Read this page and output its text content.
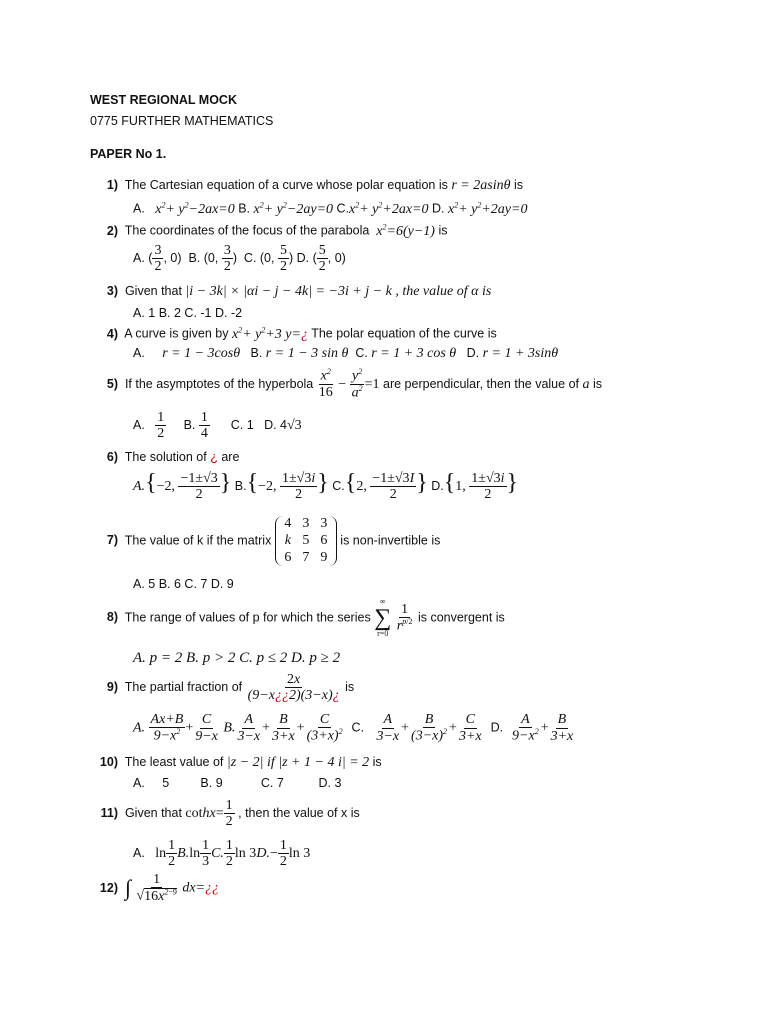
WEST REGIONAL MOCK
0775 FURTHER MATHEMATICS
PAPER No 1.
1) The Cartesian equation of a curve whose polar equation is r = 2asinθ is
A. $x^2+ y^2-2ax=0$ B. $x^2+ y^2-2ay=0$ $C.x^2+ y^2+2ax=0$ D. $x^2+ y^2+2ay=0$
2) The coordinates of the focus of the parabola $x^2=6(y-1)$ is
A. ( $\frac{3}{2}$ , 0)  B. (0, $\frac{3}{2}$ )  C. (0, $\frac{5}{2}$ ) D. ( $\frac{5}{2}$ , 0)
3) Given that |i − 3k| × |αi − j − 4k| = −3i + j − k , the value of α is
A. 1 B. 2 C. -1 D. -2
4) A curve is given by $x^2+ y^2+3$ y=¿ The polar equation of the curve is
A. r = 1 − 3cosθ B. r = 1 − 3 sin θ C. r = 1 + 3 cos θ D. r = 1 + 3sinθ
5) If the asymptotes of the hyperbola $\frac{x^2}{16} - \frac{y^2}{a^2} =1$ are perpendicular, then the value of a is
A. $\frac{1}{2} B$. $\frac{1}{4} C$. 1   D. 4√3
6) The solution of ¿ are
A.{−2, $\frac{-1\pm√3}{2}$ } B.{−2, $\frac{1\pm√3i}{2}$ } C.{2, $\frac{-1\pm√3I}{2}$ } D.{1, $\frac{1\pm√3i}{2}$ }
7) The value of k if the matrix
4 3 3
k 5 6
6 7 9
is non-invertible is
A. 5 B. 6 C. 7 D. 9
8) The range of values of p for which the series
∞
∑
r=0
$\frac{1}{r^{p/2}}$ is convergent is
A. p = 2 B. p > 2 C. p ≤ 2 D. p ≥ 2
9) The partial fraction of $\frac{2x}{(9-x¿¿2)(3-x)¿}$ is
A. $\frac{Ax+B}{9-x^2} + \frac{C}{9-x} B$. $\frac{A}{3-x} + \frac{B}{3+x} + \frac{C}{(3+x)^2} C$. $\frac{A}{3-x} + \frac{B}{(3-x)^2} + \frac{C}{3+x} D$. $\frac{A}{9-x^2} + \frac{B}{3+x}$
10) The least value of |z − 2| if |z + 1 − 4 i| = 2 is
A. 5	B. 9	C. 7	D. 3
11) Given that cothx= $\frac{1}{2}$ , then the value of x is
A.   $\ln \frac{1}{2} B.\ln \frac{1}{3} C$. $\frac{1}{2}$ $\ln 3D.- \frac{1}{2}$ ln 3
12) ∫ $\frac{1}{√16x^{2-9}}$ dx=¿¿
